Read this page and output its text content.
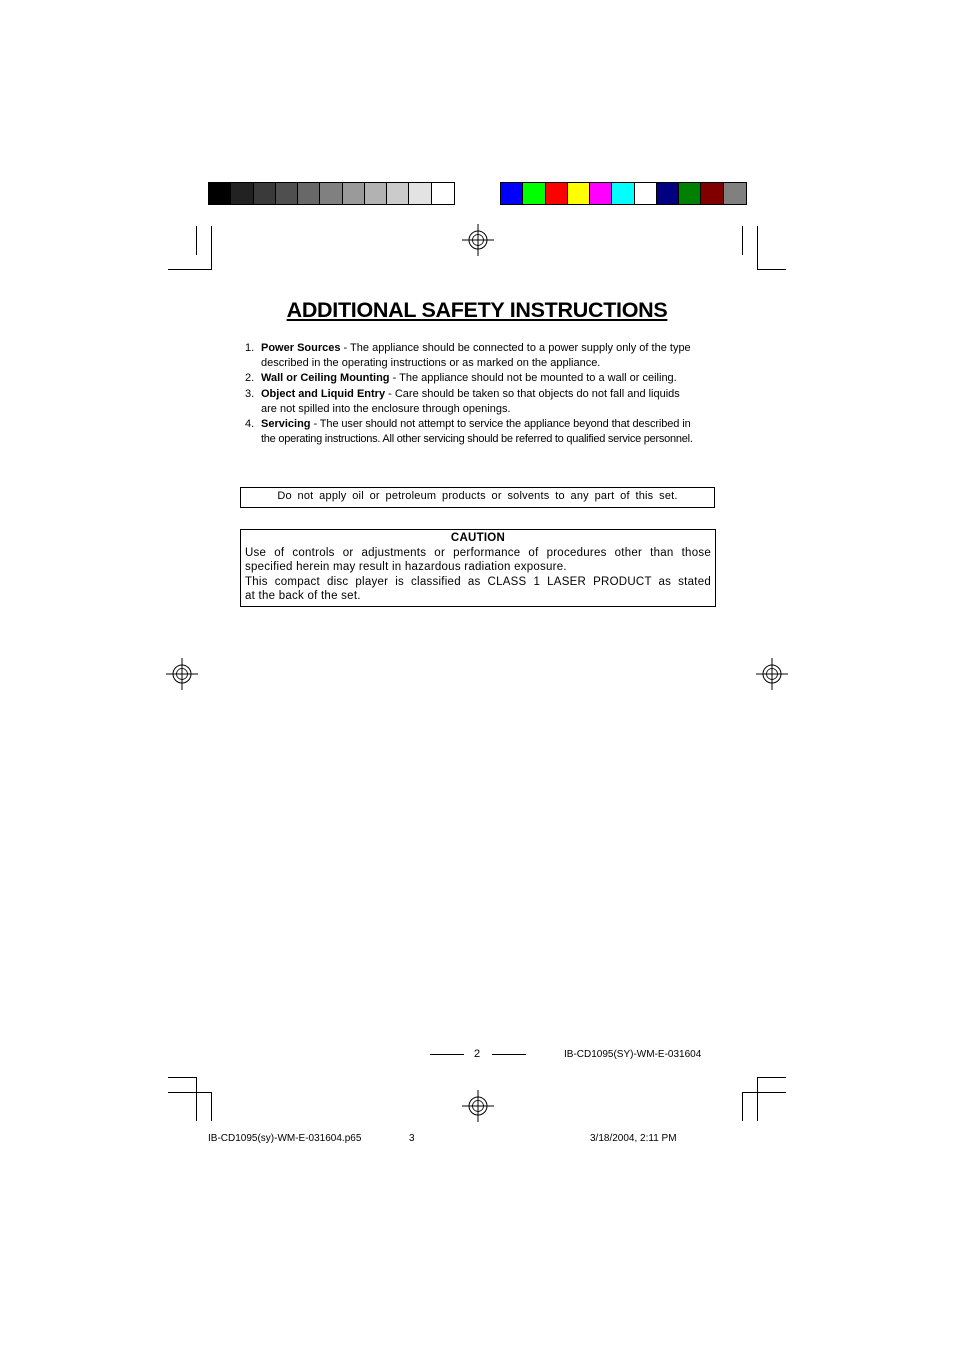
ADDITIONAL SAFETY INSTRUCTIONS
1. Power Sources - The appliance should be connected to a power supply only of the type
described in the operating instructions or as marked on the appliance.
2. Wall or Ceiling Mounting - The appliance should not be mounted to a wall or ceiling.
3. Object and Liquid Entry - Care should be taken so that objects do not fall and liquids
are not spilled into the enclosure through openings.
4. Servicing - The user should not attempt to service the appliance beyond that described in
the operating instructions. All other servicing should be referred to qualified service personnel.
Do not apply oil or petroleum products or solvents to any part of this set.
CAUTION
Use of controls or adjustments or performance of procedures other than those
specified herein may result in hazardous radiation exposure.
This compact disc player is classified as CLASS 1 LASER PRODUCT as stated
at the back of the set.
2	IB-CD1095(SY)-WM-E-031604
IB-CD1095(sy)-WM-E-031604.p65	3	3/18/2004, 2:11 PM
